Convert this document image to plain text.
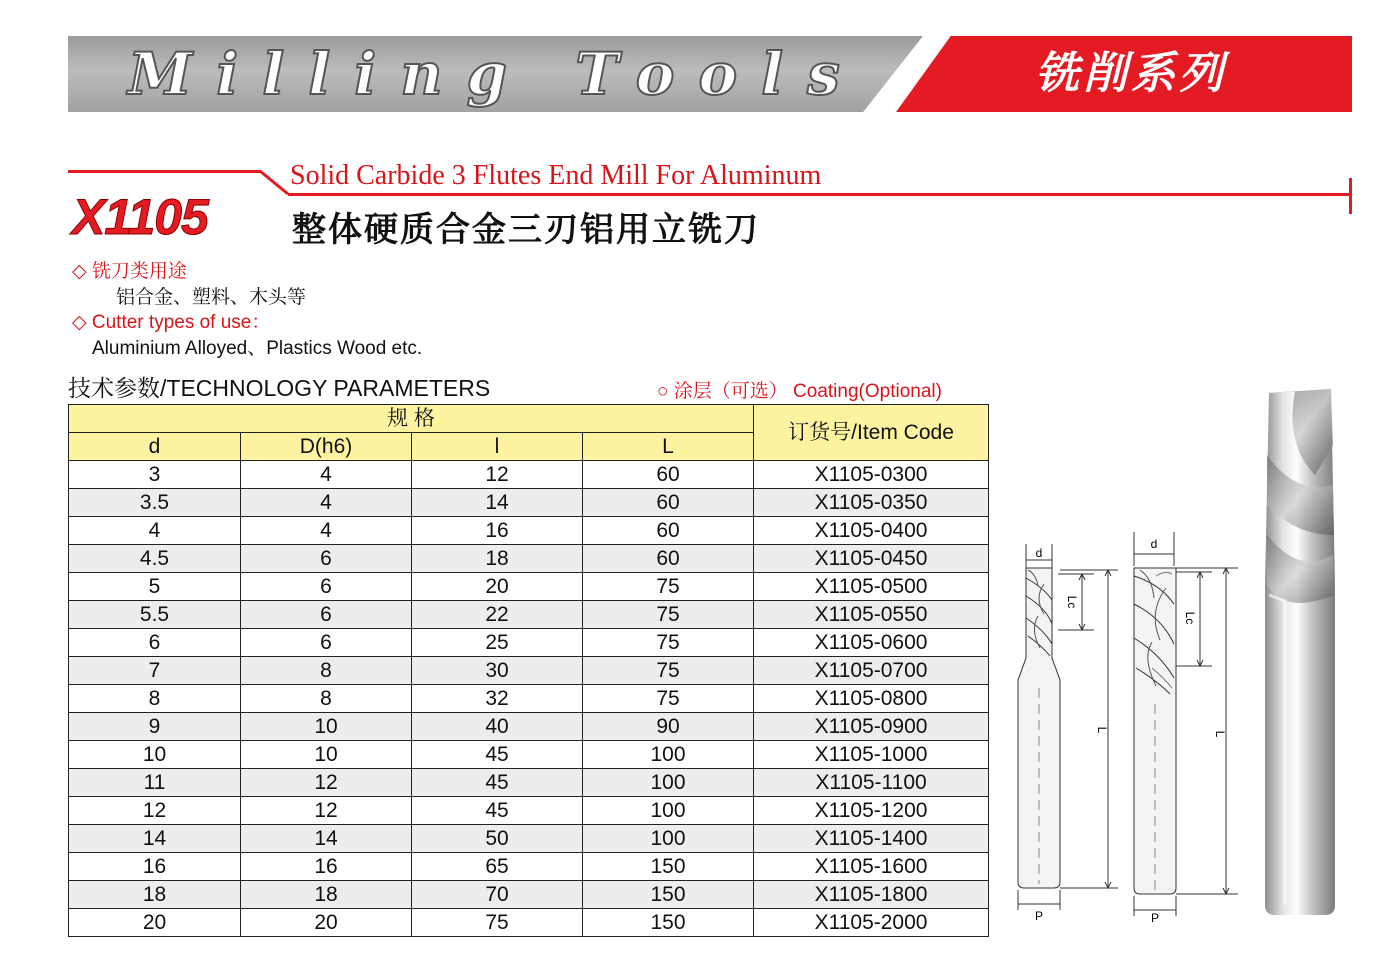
Milling Tools	铣削系列
Solid Carbide 3 Flutes End Mill For Aluminum
X1105 整体硬质合金三刃铝用立铣刀
◇ 铣刀类用途
铝合金、塑料、木头等
◇ Cutter types of use：
Aluminium Alloyed、Plastics Wood etc.
技术参数/TECHNOLOGY PARAMETERS	○ 涂层（可选） Coating(Optional)
规 格				订货号/Item Code
d	D(h6)	l	L	
3	4	12	60	X1105-0300
3.5	4	14	60	X1105-0350
4	4	16	60	X1105-0400
4.5	6	18	60	X1105-0450
5	6	20	75	X1105-0500
5.5	6	22	75	X1105-0550
6	6	25	75	X1105-0600
7	8	30	75	X1105-0700
8	8	32	75	X1105-0800
9	10	40	90	X1105-0900
10	10	45	100	X1105-1000
11	12	45	100	X1105-1100
12	12	45	100	X1105-1200
14	14	50	100	X1105-1400
16	16	65	150	X1105-1600
18	18	70	150	X1105-1800
20	20	75	150	X1105-2000
d
Lc
L
P
d
Lc
L
P
